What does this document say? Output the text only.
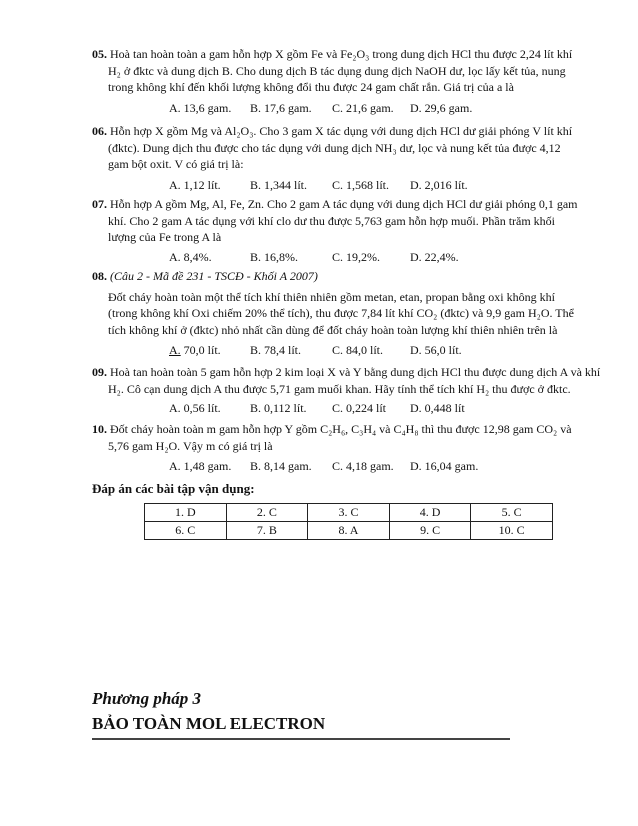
05. Hoà tan hoàn toàn a gam hỗn hợp X gồm Fe và Fe₂O₃ trong dung dịch HCl thu được 2,24 lít khí
H₂ ở đktc và dung dịch B. Cho dung dịch B tác dụng dung dịch NaOH dư, lọc lấy kết tủa, nung
trong không khí đến khối lượng không đổi thu được 24 gam chất rắn. Giá trị của a là
A. 13,6 gam. B. 17,6 gam. C. 21,6 gam. D. 29,6 gam.
06. Hỗn hợp X gồm Mg và Al₂O₃. Cho 3 gam X tác dụng với dung dịch HCl dư giải phóng V lít khí
(đktc). Dung dịch thu được cho tác dụng với dung dịch NH₃ dư, lọc và nung kết tủa được 4,12
gam bột oxit. V có giá trị là:
A. 1,12 lít. B. 1,344 lít. C. 1,568 lít. D. 2,016 lít.
07. Hỗn hợp A gồm Mg, Al, Fe, Zn. Cho 2 gam A tác dụng với dung dịch HCl dư giải phóng 0,1 gam
khí. Cho 2 gam A tác dụng với khí clo dư thu được 5,763 gam hỗn hợp muối. Phần trăm khối
lượng của Fe trong A là
A. 8,4%.	B. 16,8%.	C. 19,2%.	D. 22,4%.
08. (Câu 2 - Mã đề 231 - TSCĐ - Khối A 2007)
Đốt cháy hoàn toàn một thể tích khí thiên nhiên gồm metan, etan, propan bằng oxi không khí
(trong không khí Oxi chiếm 20% thể tích), thu được 7,84 lít khí CO₂ (đktc) và 9,9 gam H₂O. Thể
tích không khí ở (đktc) nhỏ nhất cần dùng để đốt cháy hoàn toàn lượng khí thiên nhiên trên là
A. 70,0 lít. B. 78,4 lít.	C. 84,0 lít. D. 56,0 lít.
09. Hoà tan hoàn toàn 5 gam hỗn hợp 2 kim loại X và Y bằng dung dịch HCl thu được dung dịch A và khí
H₂. Cô cạn dung dịch A thu được 5,71 gam muối khan. Hãy tính thể tích khí H₂ thu được ở đktc.
A. 0,56 lít. B. 0,112 lít. C. 0,224 lít D. 0,448 lít
10. Đốt cháy hoàn toàn m gam hỗn hợp Y gồm C₂H₆, C₃H₄ và C₄H₈ thì thu được 12,98 gam CO₂ và
5,76 gam H₂O. Vậy m có giá trị là
A. 1,48 gam. B. 8,14 gam. C. 4,18 gam. D. 16,04 gam.
Đáp án các bài tập vận dụng:
1. D	2. C	3. C	4. D	5. C
6. C	7. B	8. A	9. C	10. C
Phương pháp 3
BẢO TOÀN MOL ELECTRON
